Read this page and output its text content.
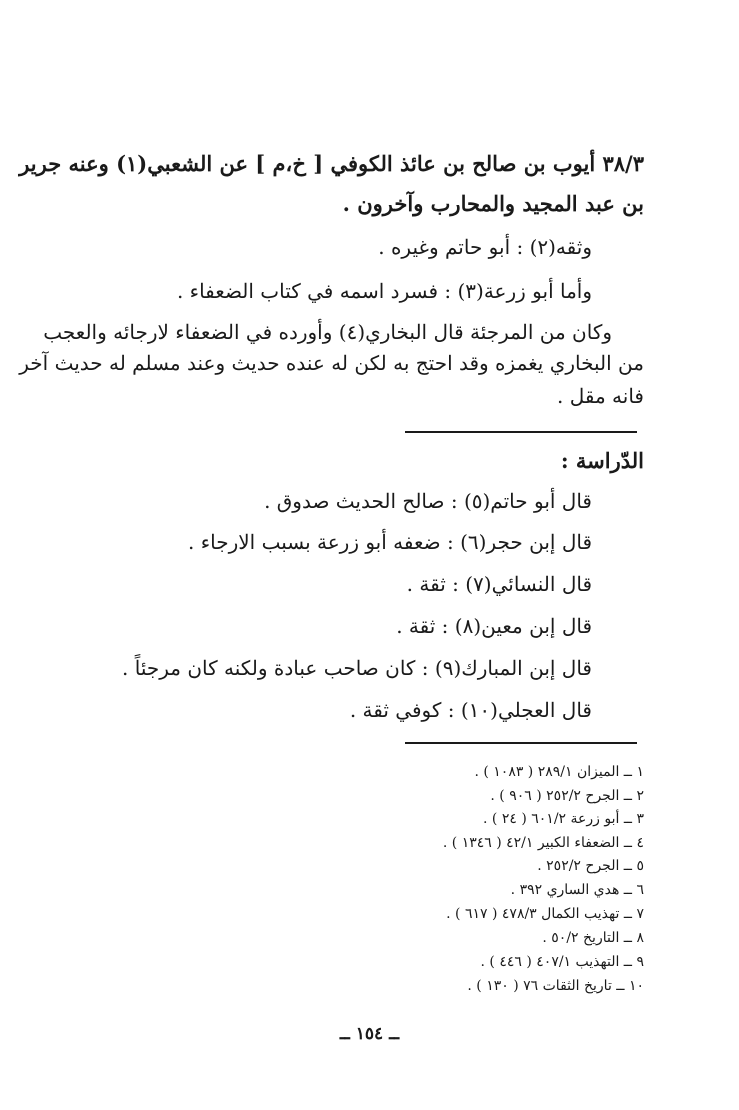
٣٨/٣ أيوب بن صالح بن عائذ الكوفي [ خ،م ] عن الشعبي(١) وعنه جرير
بن عبد المجيد والمحارب وآخرون .
وثقه(٢) : أبو حاتم وغيره .
وأما أبو زرعة(٣) : فسرد اسمه في كتاب الضعفاء .
وكان من المرجئة قال البخاري(٤) وأورده في الضعفاء لارجائه والعجب
من البخاري يغمزه وقد احتج به لكن له عنده حديث وعند مسلم له حديث آخر
فانه مقل .
الدّراسة :
قال أبو حاتم(٥) : صالح الحديث صدوق .
قال إبن حجر(٦) : ضعفه أبو زرعة بسبب الارجاء .
قال النسائي(٧) : ثقة .
قال إبن معين(٨) : ثقة .
قال إبن المبارك(٩) : كان صاحب عبادة ولكنه كان مرجئاً .
قال العجلي(١٠) : كوفي ثقة .
١ ــ الميزان ٢٨٩/١ ( ١٠٨٣ ) .
٢ ــ الجرح ٢٥٢/٢ ( ٩٠٦ ) .
٣ ــ أبو زرعة ٦٠١/٢ ( ٢٤ ) .
٤ ــ الضعفاء الكبير ٤٢/١ ( ١٣٤٦ ) .
٥ ــ الجرح ٢٥٢/٢ .
٦ ــ هدي الساري ٣٩٢ .
٧ ــ تهذيب الكمال ٤٧٨/٣ ( ٦١٧ ) .
٨ ــ التاريخ ٥٠/٢ .
٩ ــ التهذيب ٤٠٧/١ ( ٤٤٦ ) .
١٠ ــ تاريخ الثقات ٧٦ ( ١٣٠ ) .
ــ ١٥٤ ــ
